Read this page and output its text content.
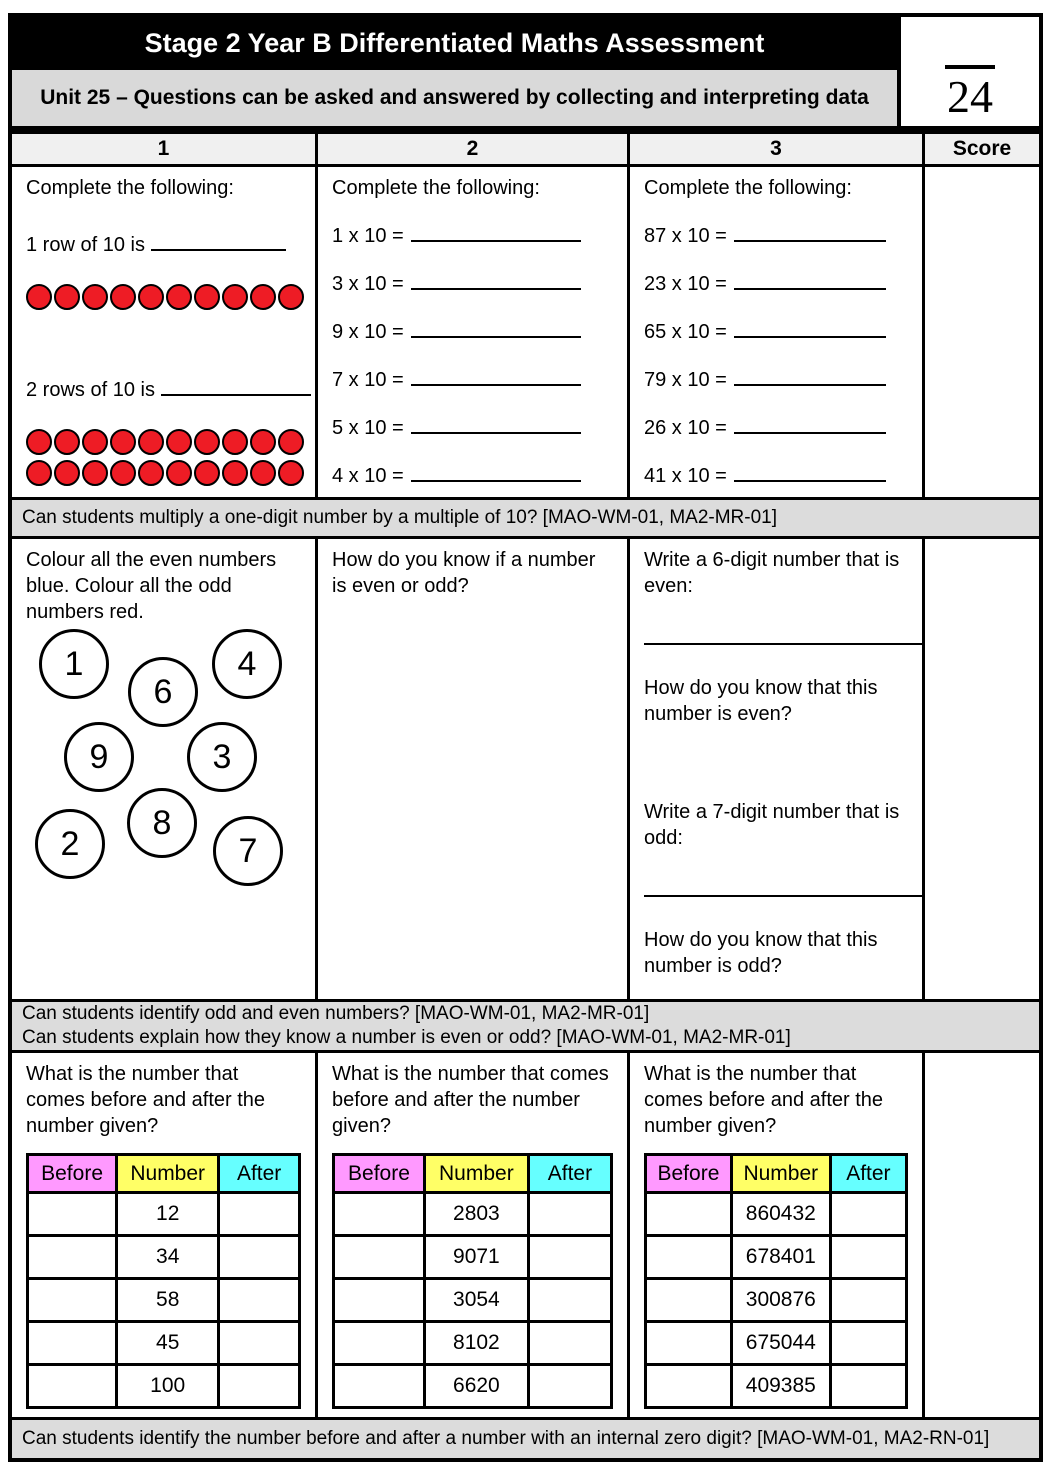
Stage 2 Year B Differentiated Maths Assessment
Unit 25 – Questions can be asked and answered by collecting and interpreting data	24
1	2	3	Score
Complete the following:
1 row of 10 is
2 rows of 10 is
Complete the following:
1 x 10 =
3 x 10 =
9 x 10 =
7 x 10 =
5 x 10 =
4 x 10 =
Complete the following:
87 x 10 =
23 x 10 =
65 x 10 =
79 x 10 =
26 x 10 =
41 x 10 =
Can students multiply a one-digit number by a multiple of 10? [MAO-WM-01, MA2-MR-01]
Colour all the even numbers blue. Colour all the odd numbers red.
1
6
4
9	3
2
8
7
How do you know if a number is even or odd?
Write a 6-digit number that is even:
How do you know that this number is even?
Write a 7-digit number that is odd:
How do you know that this number is odd?
Can students identify odd and even numbers? [MAO-WM-01, MA2-MR-01]
Can students explain how they know a number is even or odd? [MAO-WM-01, MA2-MR-01]
What is the number that comes before and after the number given?
Before	Number	After
	12	
	34	
	58	
	45	
	100	
What is the number that comes before and after the number given?
Before	Number	After
	2803	
	9071	
	3054	
	8102	
	6620	
What is the number that comes before and after the number given?
Before	Number	After
	860432	
	678401	
	300876	
	675044	
	409385	
Can students identify the number before and after a number with an internal zero digit? [MAO-WM-01, MA2-RN-01]
